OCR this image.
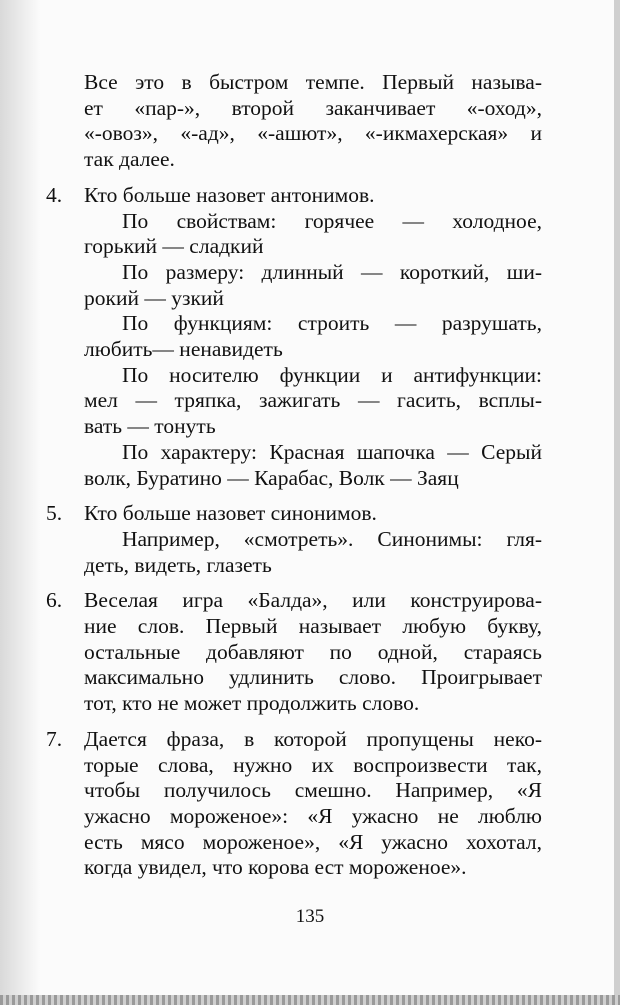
Все это в быстром темпе. Первый называ-
ет «пар-», второй заканчивает «-оход»,
«-овоз», «-ад», «-ашют», «-икмахерская» и
так далее.
4. Кто больше назовет антонимов.
По свойствам: горячее — холодное,
горький — сладкий
По размеру: длинный — короткий, ши-
рокий — узкий
По функциям: строить — разрушать,
любить— ненавидеть
По носителю функции и антифункции:
мел — тряпка, зажигать — гасить, всплы-
вать — тонуть
По характеру: Красная шапочка — Серый
волк, Буратино — Карабас, Волк — Заяц
5. Кто больше назовет синонимов.
Например, «смотреть». Синонимы: гля-
деть, видеть, глазеть
6. Веселая игра «Балда», или конструирова-
ние слов. Первый называет любую букву,
остальные добавляют по одной, стараясь
максимально удлинить слово. Проигрывает
тот, кто не может продолжить слово.
7. Дается фраза, в которой пропущены неко-
торые слова, нужно их воспроизвести так,
чтобы получилось смешно. Например, «Я
ужасно мороженое»: «Я ужасно не люблю
есть мясо мороженое», «Я ужасно хохотал,
когда увидел, что корова ест мороженое».
135
